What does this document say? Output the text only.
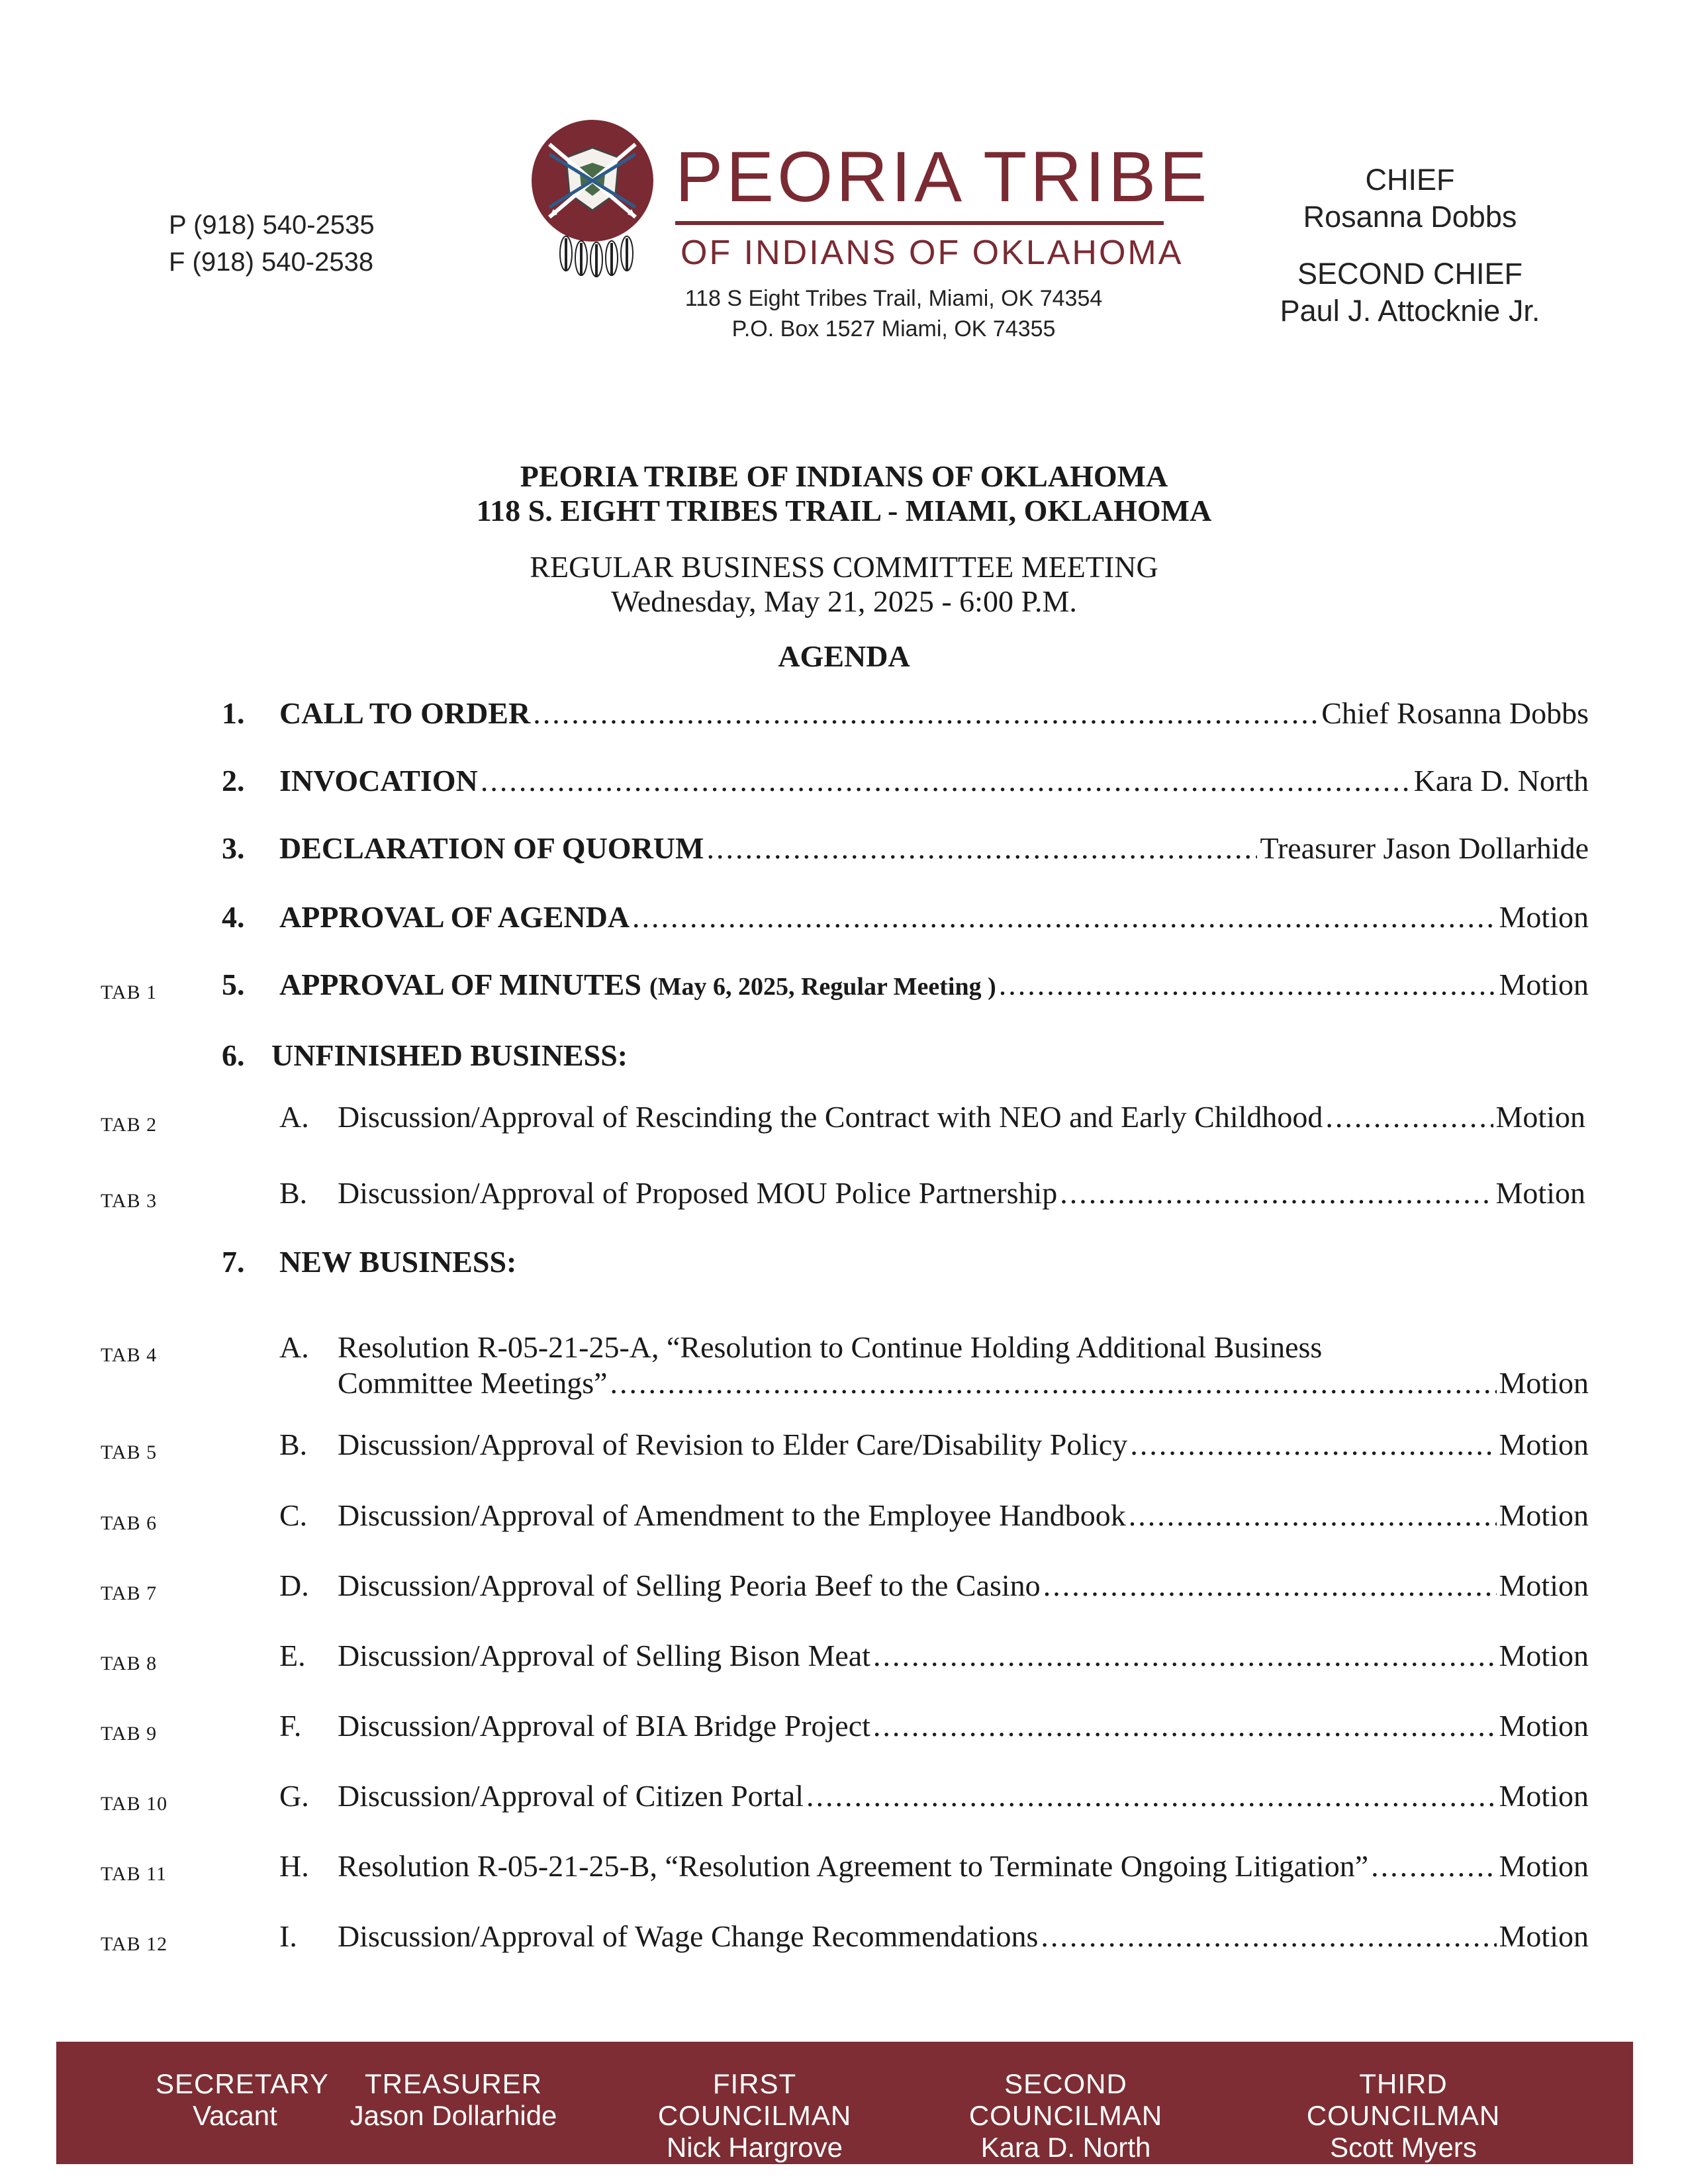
P (918) 540-2535
F (918) 540-2538
PEORIA TRIBE
OF INDIANS OF OKLAHOMA
118 S Eight Tribes Trail, Miami, OK 74354
P.O. Box 1527 Miami, OK 74355
CHIEF
Rosanna Dobbs
SECOND CHIEF
Paul J. Attocknie Jr.
PEORIA TRIBE OF INDIANS OF OKLAHOMA
118 S. EIGHT TRIBES TRAIL - MIAMI, OKLAHOMA
REGULAR BUSINESS COMMITTEE MEETING
Wednesday, May 21, 2025 - 6:00 P.M.
AGENDA
1. CALL TO ORDER .....	Chief Rosanna Dobbs
2. INVOCATION .....	Kara D. North
3. DECLARATION OF QUORUM .....	Treasurer Jason Dollarhide
4. APPROVAL OF AGENDA .....	Motion
TAB 1 5. APPROVAL OF MINUTES (May 6, 2025, Regular Meeting ) .....	Motion
6. UNFINISHED BUSINESS:
TAB 2	A. Discussion/Approval of Rescinding the Contract with NEO and Early Childhood .....	Motion
TAB 3	B. Discussion/Approval of Proposed MOU Police Partnership .....	Motion
7. NEW BUSINESS:
TAB 4	A. Resolution R-05-21-25-A, “Resolution to Continue Holding Additional Business
Committee Meetings” .....	Motion
TAB 5	B. Discussion/Approval of Revision to Elder Care/Disability Policy .....	Motion
TAB 6	C. Discussion/Approval of Amendment to the Employee Handbook .....	Motion
TAB 7	D. Discussion/Approval of Selling Peoria Beef to the Casino .....	Motion
TAB 8	E. Discussion/Approval of Selling Bison Meat .....	Motion
TAB 9	F. Discussion/Approval of BIA Bridge Project .....	Motion
TAB 10	G. Discussion/Approval of Citizen Portal .....	Motion
TAB 11	H. Resolution R-05-21-25-B, “Resolution Agreement to Terminate Ongoing Litigation” .....	Motion
TAB 12	I. Discussion/Approval of Wage Change Recommendations .....	Motion
SECRETARY
Vacant
TREASURER
Jason Dollarhide
FIRST COUNCILMAN
Nick Hargrove
SECOND COUNCILMAN
Kara D. North
THIRD COUNCILMAN
Scott Myers
